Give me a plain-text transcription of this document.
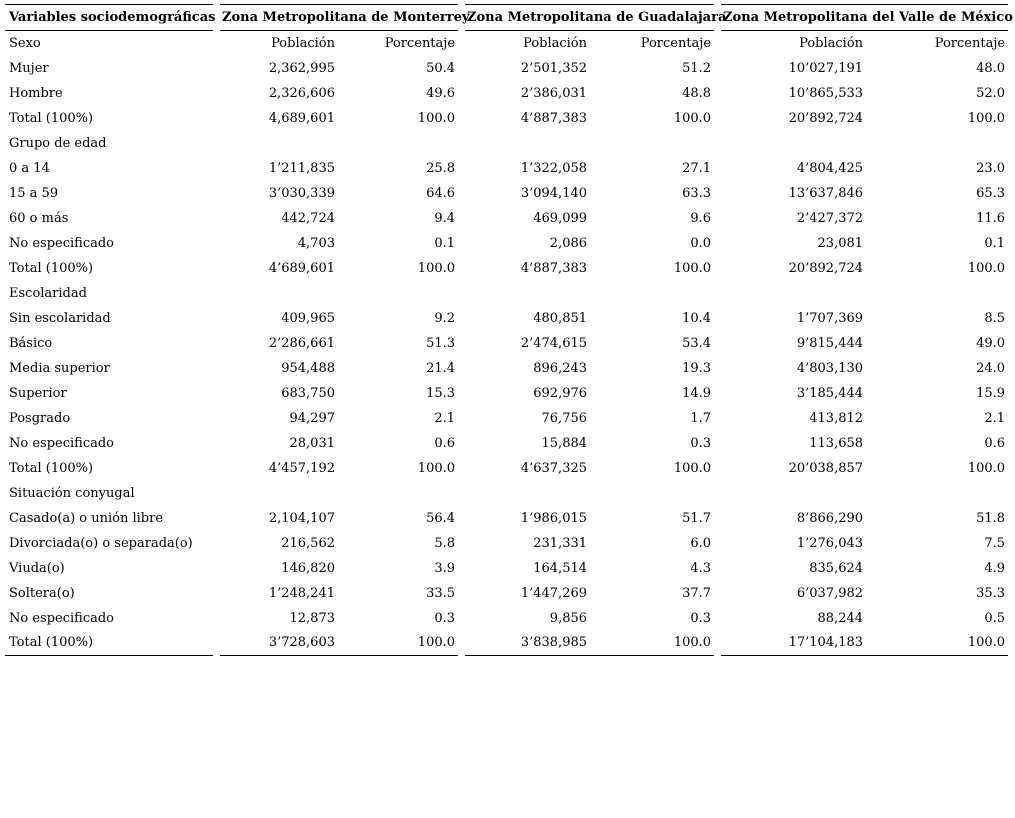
Variables sociodemográficas		Zona Metropolitana de Monterrey			Zona Metropolitana de Guadalajara			Zona Metropolitana del Valle de México	
Sexo		Población	Porcentaje		Población	Porcentaje		Población	Porcentaje
Mujer		2,362,995	50.4		2’501,352	51.2		10’027,191	48.0
Hombre		2,326,606	49.6		2’386,031	48.8		10’865,533	52.0
Total (100%)		4,689,601	100.0		4’887,383	100.0		20’892,724	100.0
Grupo de edad									
0 a 14		1’211,835	25.8		1’322,058	27.1		4’804,425	23.0
15 a 59		3’030,339	64.6		3’094,140	63.3		13’637,846	65.3
60 o más		442,724	9.4		469,099	9.6		2’427,372	11.6
No especificado		4,703	0.1		2,086	0.0		23,081	0.1
Total (100%)		4’689,601	100.0		4’887,383	100.0		20’892,724	100.0
Escolaridad									
Sin escolaridad		409,965	9.2		480,851	10.4		1’707,369	8.5
Básico		2’286,661	51.3		2’474,615	53.4		9’815,444	49.0
Media superior		954,488	21.4		896,243	19.3		4’803,130	24.0
Superior		683,750	15.3		692,976	14.9		3’185,444	15.9
Posgrado		94,297	2.1		76,756	1.7		413,812	2.1
No especificado		28,031	0.6		15,884	0.3		113,658	0.6
Total (100%)		4’457,192	100.0		4’637,325	100.0		20’038,857	100.0
Situación conyugal									
Casado(a) o unión libre		2,104,107	56.4		1’986,015	51.7		8’866,290	51.8
Divorciada(o) o separada(o)		216,562	5.8		231,331	6.0		1’276,043	7.5
Viuda(o)		146,820	3.9		164,514	4.3		835,624	4.9
Soltera(o)		1’248,241	33.5		1’447,269	37.7		6’037,982	35.3
No especificado		12,873	0.3		9,856	0.3		88,244	0.5
Total (100%)		3’728,603	100.0		3’838,985	100.0		17’104,183	100.0
